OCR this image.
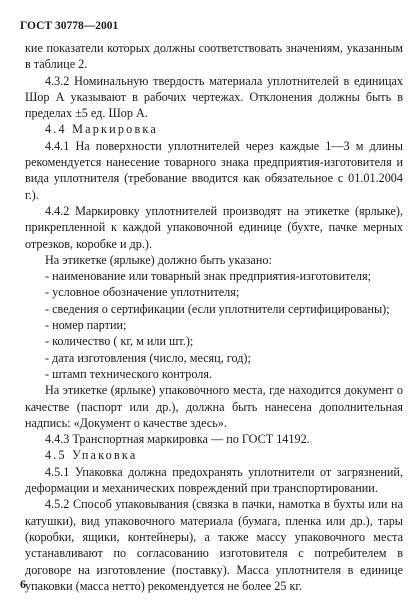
ГОСТ 30778—2001

кие показатели которых должны соответствовать значениям, указанным в таблице 2.

4.3.2 Номинальную твердость материала уплотнителей в единицах Шор А указывают в рабочих чертежах. Отклонения должны быть в пределах ±5 ед. Шор А.

4.4 Маркировка

4.4.1 На поверхности уплотнителей через каждые 1—3 м длины рекомендуется нанесение товарного знака предприятия-изготовителя и вида уплотнителя (требование вводится как обязательное с 01.01.2004 г.).

4.4.2 Маркировку уплотнителей производят на этикетке (ярлыке), прикрепленной к каждой упаковочной единице (бухте, пачке мерных отрезков, коробке и др.).

На этикетке (ярлыке) должно быть указано:

- наименование или товарный знак предприятия-изготовителя;

- условное обозначение уплотнителя;

- сведения о сертификации (если уплотнители сертифицированы);

- номер партии;

- количество ( кг, м или шт.);

- дата изготовления (число, месяц, год);

- штамп технического контроля.

На этикетке (ярлыке) упаковочного места, где находится документ о качестве (паспорт или др.), должна быть нанесена дополнительная надпись: «Документ о качестве здесь».

4.4.3 Транспортная маркировка — по ГОСТ 14192.

4.5 Упаковка

4.5.1 Упаковка должна предохранять уплотнители от загрязнений, деформации и механических повреждений при транспортировании.

4.5.2 Способ упаковывания (связка в пачки, намотка в бухты или на катушки), вид упаковочного материала (бумага, пленка или др.), тары (коробки, ящики, контейнеры), а также массу упаковочного места устанавливают по согласованию изготовителя с потребителем в договоре на изготовление (поставку). Масса уплотнителя в единице упаковки (масса нетто) рекомендуется не более 25 кг.

6
